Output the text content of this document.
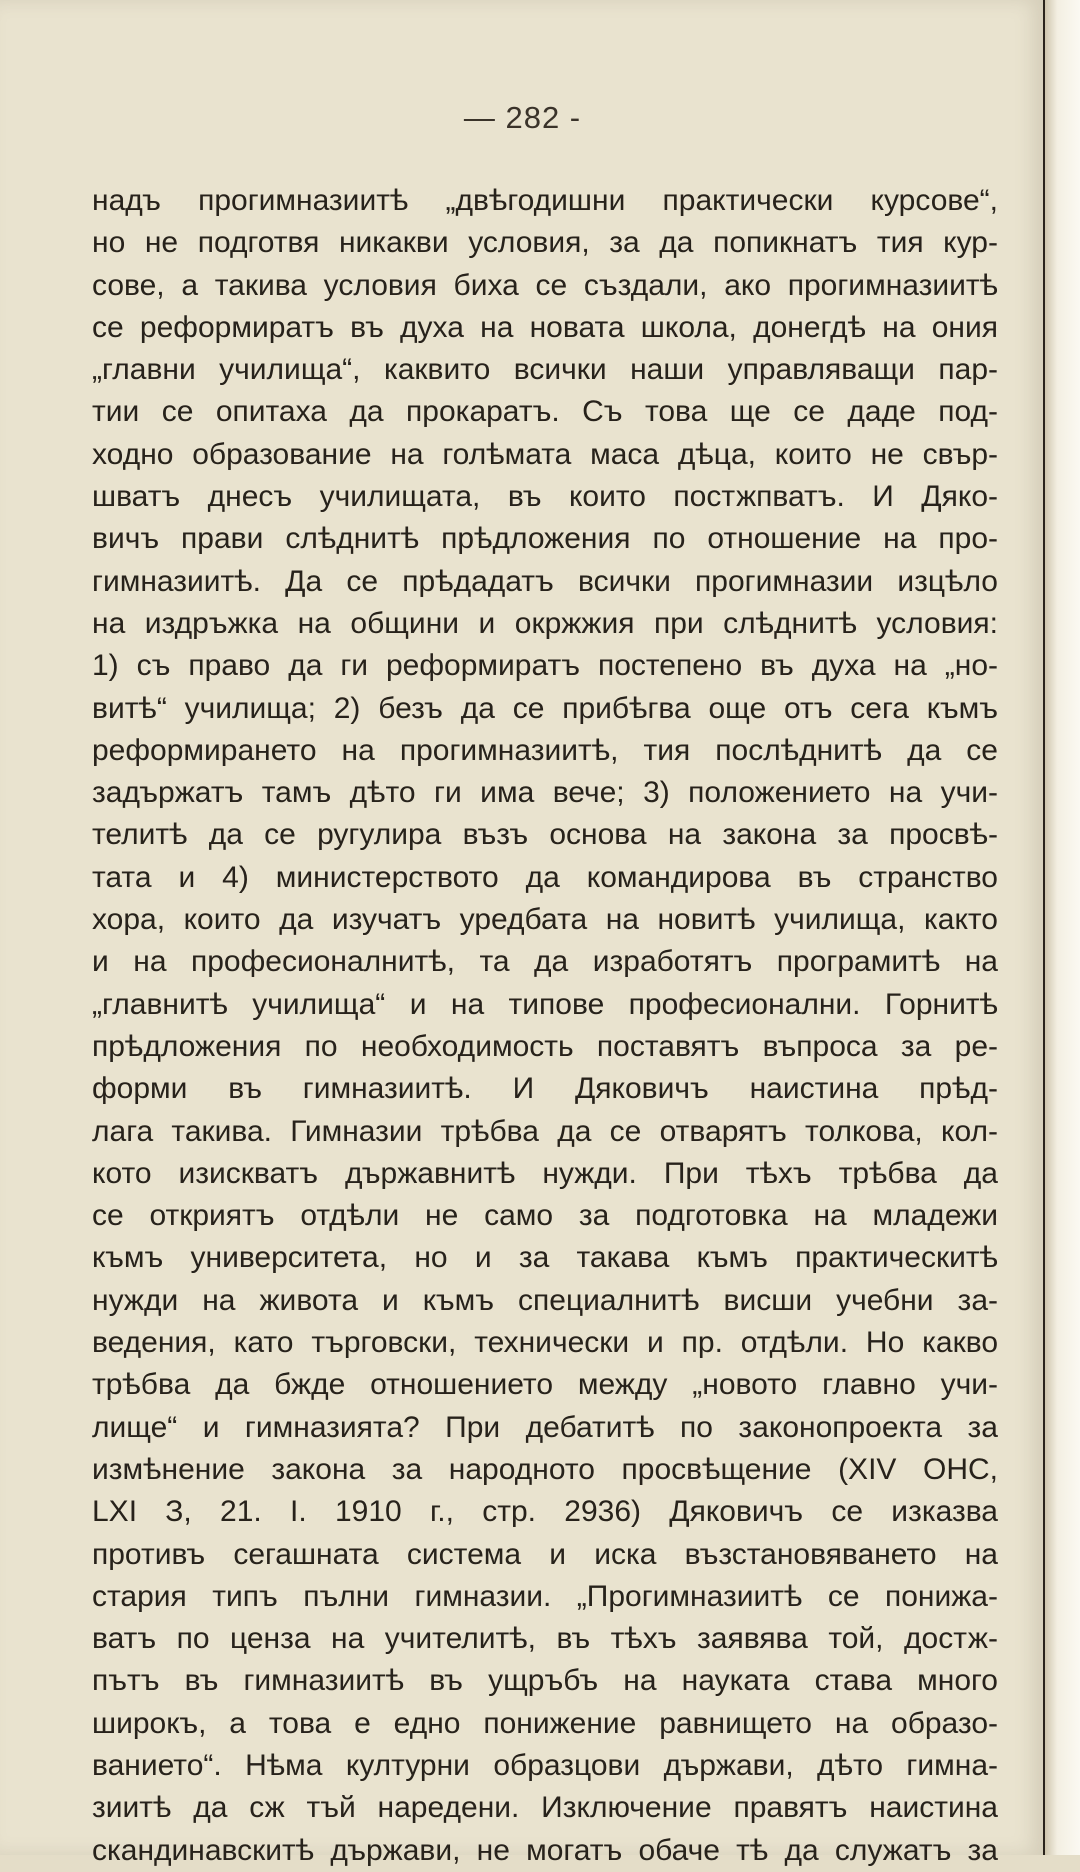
— 282 -
надъ прогимназиитѣ „двѣгодишни практически курсове“,
но не подготвя никакви условия, за да пoпикнатъ тия кур-
сове, а такива условия биха се създали, ако прогимназиитѣ
се реформиратъ въ духа на новата школа, донегдѣ на ония
„главни училища“, каквито всички наши управляващи пар-
тии се опитаха да прокаратъ. Съ това ще се даде под-
ходно образование на голѣмата маса дѣца, които не свър-
шватъ днесъ училищата, въ които постжпватъ. И Дяко-
вичъ прави слѣднитѣ прѣдложения по отношение на про-
гимназиитѣ. Да се прѣдадатъ всички прогимназии изцѣло
на издръжка на общини и окржжия при слѣднитѣ условия:
1) съ право да ги реформиратъ постепено въ духа на „но-
витѣ“ училища; 2) безъ да се прибѣгва още отъ сега къмъ
реформирането на прогимназиитѣ, тия послѣднитѣ да се
задържатъ тамъ дѣто ги има вече; 3) положението на учи-
телитѣ да се ругулира възъ основа на закона за просвѣ-
тата и 4) министерството да командирова въ странство
хора, които да изучатъ уредбата на новитѣ училища, както
и на професионалнитѣ, та да изработятъ програмитѣ на
„главнитѣ училища“ и на типове професионални. Горнитѣ
прѣдложения по необходимость поставятъ въпроса за ре-
форми въ гимназиитѣ. И Дяковичъ наистина прѣд-
лага такива. Гимназии трѣбва да се отварятъ толкова, кол-
кото изискватъ държавнитѣ нужди. При тѣхъ трѣбва да
се откриятъ отдѣли не само за подготовка на младежи
къмъ университета, но и за такава къмъ практическитѣ
нужди на живота и къмъ специалнитѣ висши учебни за-
ведения, като търговски, технически и пр. отдѣли. Но какво
трѣбва да бжде отношението между „новото главно учи-
лище“ и гимназията? При дебатитѣ по законопроекта за
измѣнение закона за народното просвѣщение (XIV ОНС,
LXI З, 21. I. 1910 г., стр. 2936) Дяковичъ се изказва
противъ сегашната система и иска възстановяването на
стария типъ пълни гимназии. „Прогимназиитѣ се понижа-
ватъ по ценза на учителитѣ, въ тѣхъ заявява той, достж-
пътъ въ гимназиитѣ въ ущръбъ на науката става много
широкъ, а това е едно понижение равнището на образо-
ванието“. Нѣма културни образцови държави, дѣто гимна-
зиитѣ да сж тъй наредени. Изключение правятъ наистина
скандинавскитѣ държави, не могатъ обаче тѣ да служатъ за
